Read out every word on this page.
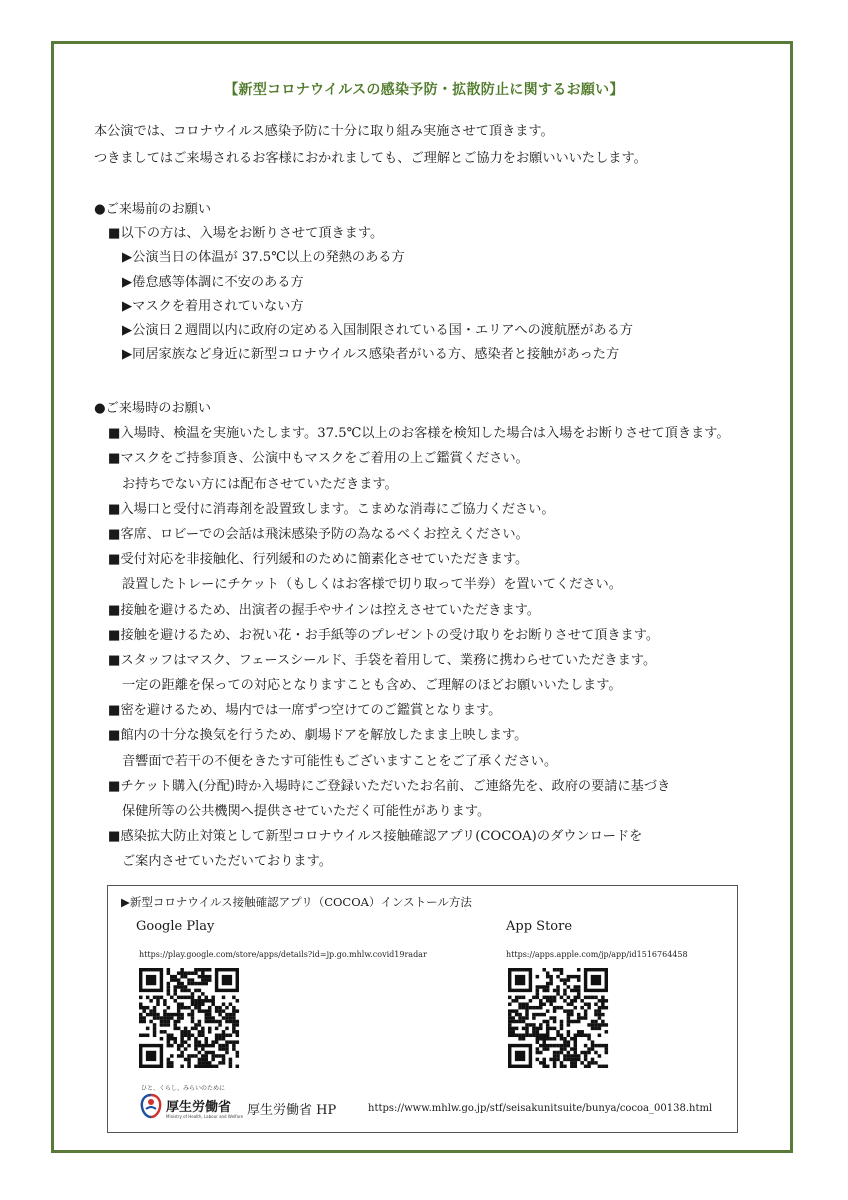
【新型コロナウイルスの感染予防・拡散防止に関するお願い】
本公演では、コロナウイルス感染予防に十分に取り組み実施させて頂きます。
つきましてはご来場されるお客様におかれましても、ご理解とご協力をお願いいいたします。
●ご来場前のお願い
■以下の方は、入場をお断りさせて頂きます。
▶公演当日の体温が 37.5℃以上の発熱のある方
▶倦怠感等体調に不安のある方
▶マスクを着用されていない方
▶公演日２週間以内に政府の定める入国制限されている国・エリアへの渡航歴がある方
▶同居家族など身近に新型コロナウイルス感染者がいる方、感染者と接触があった方
●ご来場時のお願い
■入場時、検温を実施いたします。37.5℃以上のお客様を検知した場合は入場をお断りさせて頂きます。
■マスクをご持参頂き、公演中もマスクをご着用の上ご鑑賞ください。
お持ちでない方には配布させていただきます。
■入場口と受付に消毒剤を設置致します。こまめな消毒にご協力ください。
■客席、ロビーでの会話は飛沫感染予防の為なるべくお控えください。
■受付対応を非接触化、行列緩和のために簡素化させていただきます。
設置したトレーにチケット（もしくはお客様で切り取って半券）を置いてください。
■接触を避けるため、出演者の握手やサインは控えさせていただきます。
■接触を避けるため、お祝い花・お手紙等のプレゼントの受け取りをお断りさせて頂きます。
■スタッフはマスク、フェースシールド、手袋を着用して、業務に携わらせていただきます。
一定の距離を保っての対応となりますことも含め、ご理解のほどお願いいたします。
■密を避けるため、場内では一席ずつ空けてのご鑑賞となります。
■館内の十分な換気を行うため、劇場ドアを解放したまま上映します。
音響面で若干の不便をきたす可能性もございますことをご了承ください。
■チケット購入(分配)時か入場時にご登録いただいたお名前、ご連絡先を、政府の要請に基づき
保健所等の公共機関へ提供させていただく可能性があります。
■感染拡大防止対策として新型コロナウイルス接触確認アプリ(COCOA)のダウンロードを
ご案内させていただいております。
▶新型コロナウイルス接触確認アプリ（COCOA）インストール方法
Google Play
https://play.google.com/store/apps/details?id=jp.go.mhlw.covid19radar
App Store
https://apps.apple.com/jp/app/id1516764458
ひと、くらし、みらいのために
厚生労働省
Ministry of Health, Labour and Welfare 厚生労働省 HP	https://www.mhlw.go.jp/stf/seisakunitsuite/bunya/cocoa_00138.html
